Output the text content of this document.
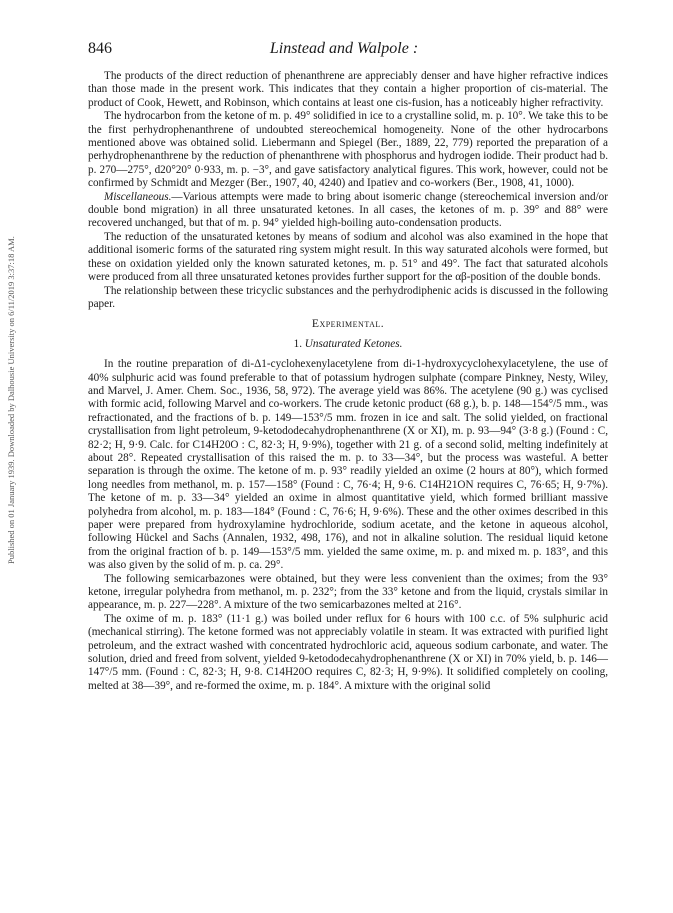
Published on 01 January 1939. Downloaded by Dalhousie University on 6/11/2019 3:37:18 AM.
846	Linstead and Walpole :

The products of the direct reduction of phenanthrene are appreciably denser and have higher refractive indices than those made in the present work. This indicates that they contain a higher proportion of cis-material. The product of Cook, Hewett, and Robinson, which contains at least one cis-fusion, has a noticeably higher refractivity.

The hydrocarbon from the ketone of m. p. 49° solidified in ice to a crystalline solid, m. p. 10°. We take this to be the first perhydrophenanthrene of undoubted stereochemical homogeneity. None of the other hydrocarbons mentioned above was obtained solid. Liebermann and Spiegel (Ber., 1889, 22, 779) reported the preparation of a perhydrophenanthrene by the reduction of phenanthrene with phosphorus and hydrogen iodide. Their product had b. p. 270—275°, d20°20° 0·933, m. p. −3°, and gave satisfactory analytical figures. This work, however, could not be confirmed by Schmidt and Mezger (Ber., 1907, 40, 4240) and Ipatiev and co-workers (Ber., 1908, 41, 1000).

Miscellaneous.—Various attempts were made to bring about isomeric change (stereochemical inversion and/or double bond migration) in all three unsaturated ketones. In all cases, the ketones of m. p. 39° and 88° were recovered unchanged, but that of m. p. 94° yielded high-boiling auto-condensation products.

The reduction of the unsaturated ketones by means of sodium and alcohol was also examined in the hope that additional isomeric forms of the saturated ring system might result. In this way saturated alcohols were formed, but these on oxidation yielded only the known saturated ketones, m. p. 51° and 49°. The fact that saturated alcohols were produced from all three unsaturated ketones provides further support for the αβ-position of the double bonds.

The relationship between these tricyclic substances and the perhydrodiphenic acids is discussed in the following paper.

Experimental.
1. Unsaturated Ketones.

In the routine preparation of di-Δ1-cyclohexenylacetylene from di-1-hydroxycyclohexylacetylene, the use of 40% sulphuric acid was found preferable to that of potassium hydrogen sulphate (compare Pinkney, Nesty, Wiley, and Marvel, J. Amer. Chem. Soc., 1936, 58, 972). The average yield was 86%. The acetylene (90 g.) was cyclised with formic acid, following Marvel and co-workers. The crude ketonic product (68 g.), b. p. 148—154°/5 mm., was refractionated, and the fractions of b. p. 149—153°/5 mm. frozen in ice and salt. The solid yielded, on fractional crystallisation from light petroleum, 9-ketododecahydrophenanthrene (X or XI), m. p. 93—94° (3·8 g.) (Found : C, 82·2; H, 9·9. Calc. for C14H20O : C, 82·3; H, 9·9%), together with 21 g. of a second solid, melting indefinitely at about 28°. Repeated crystallisation of this raised the m. p. to 33—34°, but the process was wasteful. A better separation is through the oxime. The ketone of m. p. 93° readily yielded an oxime (2 hours at 80°), which formed long needles from methanol, m. p. 157—158° (Found : C, 76·4; H, 9·6. C14H21ON requires C, 76·65; H, 9·7%). The ketone of m. p. 33—34° yielded an oxime in almost quantitative yield, which formed brilliant massive polyhedra from alcohol, m. p. 183—184° (Found : C, 76·6; H, 9·6%). These and the other oximes described in this paper were prepared from hydroxylamine hydrochloride, sodium acetate, and the ketone in aqueous alcohol, following Hückel and Sachs (Annalen, 1932, 498, 176), and not in alkaline solution. The residual liquid ketone from the original fraction of b. p. 149—153°/5 mm. yielded the same oxime, m. p. and mixed m. p. 183°, and this was also given by the solid of m. p. ca. 29°.

The following semicarbazones were obtained, but they were less convenient than the oximes; from the 93° ketone, irregular polyhedra from methanol, m. p. 232°; from the 33° ketone and from the liquid, crystals similar in appearance, m. p. 227—228°. A mixture of the two semicarbazones melted at 216°.

The oxime of m. p. 183° (11·1 g.) was boiled under reflux for 6 hours with 100 c.c. of 5% sulphuric acid (mechanical stirring). The ketone formed was not appreciably volatile in steam. It was extracted with purified light petroleum, and the extract washed with concentrated hydrochloric acid, aqueous sodium carbonate, and water. The solution, dried and freed from solvent, yielded 9-ketododecahydrophenanthrene (X or XI) in 70% yield, b. p. 146—147°/5 mm. (Found : C, 82·3; H, 9·8. C14H20O requires C, 82·3; H, 9·9%). It solidified completely on cooling, melted at 38—39°, and re-formed the oxime, m. p. 184°. A mixture with the original solid
